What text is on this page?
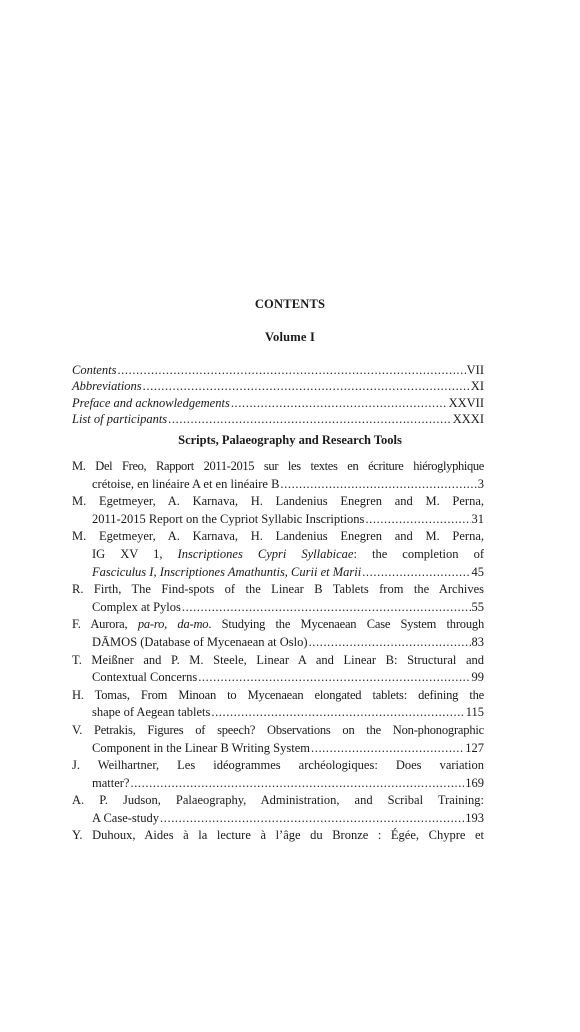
CONTENTS
Volume I
Contents .....	VII
Abbreviations .....	XI
Preface and acknowledgements .....	XXVII
List of participants .....	XXXI
Scripts, Palaeography and Research Tools
M. Del Freo, Rapport 2011-2015 sur les textes en écriture hiéroglyphique
crétoise, en linéaire A et en linéaire B .....	3
M. Egetmeyer, A. Karnava, H. Landenius Enegren and M. Perna,
2011-2015 Report on the Cypriot Syllabic Inscriptions .....	31
M. Egetmeyer, A. Karnava, H. Landenius Enegren and M. Perna,
IG XV 1, Inscriptiones Cypri Syllabicae: the completion of
Fasciculus I, Inscriptiones Amathuntis, Curii et Marii .....	45
R. Firth, The Find-spots of the Linear B Tablets from the Archives
Complex at Pylos .....	55
F. Aurora, pa-ro, da-mo. Studying the Mycenaean Case System through
DĀMOS (Database of Mycenaean at Oslo) .....	83
T. Meißner and P. M. Steele, Linear A and Linear B: Structural and
Contextual Concerns .....	99
H. Tomas, From Minoan to Mycenaean elongated tablets: defining the
shape of Aegean tablets .....	115
V. Petrakis, Figures of speech? Observations on the Non-phonographic
Component in the Linear B Writing System .....	127
J. Weilhartner, Les idéogrammes archéologiques: Does variation
matter? .....	169
A. P. Judson, Palaeography, Administration, and Scribal Training:
A Case-study .....	193
Y. Duhoux, Aides à la lecture à l’âge du Bronze : Égée, Chypre et
